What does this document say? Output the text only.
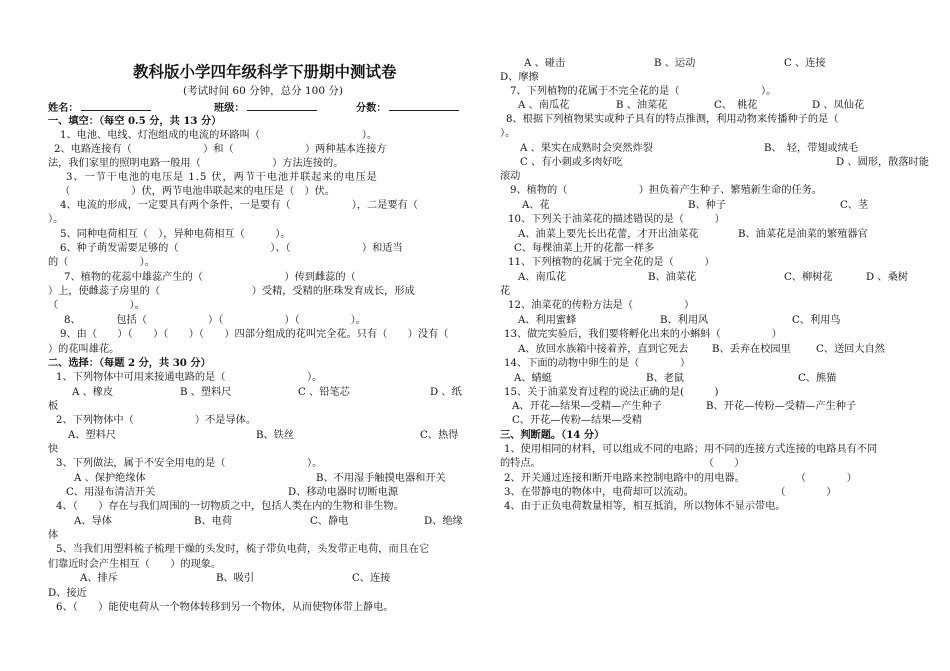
教科版小学四年级科学下册期中测试卷
(考试时间 60 分钟，总分 100 分)
姓名：	班级：	分数：
一、填空：（每空 0.5 分，共 13 分）
1、电池、电线、灯泡组成的电流的环路叫（　　　　　　　　　　）。
2、电路连接有（　　　　　　　）和（　　　　　　　）两种基本连接方
法，我们家里的照明电路一般用（　　　　　　　）方法连接的。
3、一节干电池的电压是 1.5 伏，两节干电池并联起来的电压是
（　　　　　　）伏，两节电池串联起来的电压是（　）伏。
4、电流的形成，一定要具有两个条件，一是要有（　　　　　　），二是要有（
）。
5、同种电荷相互（　），异种电荷相互（　　　）。
6、种子萌发需要足够的（　　　　　　　　　）、（　　　　　　　）和适当
的（　　　　　　　）。
7、植物的花蕊中雄蕊产生的（　　　　　　　　）传到雌蕊的（　　　　　
）上，使雌蕊子房里的（　　　　　　　　　）受精，受精的胚珠发育成长，形成
（　　　　　　　）。
8、　　　　包括（　　　　　　）（　　　　　　）（　　　　　）。
9、由（　　）（　　）（　　）（　　）四部分组成的花叫完全花。只有（　　）没有（
）的花叫雄花。
二、选择：（每题 2 分，共 30 分）
1、下列物体中可用来接通电路的是（　　　　　　　　）。
A 、橡皮	B 、塑料尺	C 、铅笔芯	D 、纸
板
2、下列物体中（　　　　　　）不是导体。
A、塑料尺	B、铁丝	C、热得
快
3、下列做法，属于不安全用电的是（　　　　　　　　）。
A 、保护绝缘体	B、不用湿手触摸电器和开关
C、用湿布清洁开关	D、移动电器时切断电源
4、（　　）存在与我们周围的一切物质之中，包括人类在内的生物和非生物。
A、导体	B、电荷	C、静电	D、绝缘
体
5、当我们用塑料梳子梳理干燥的头发时，梳子带负电荷，头发带正电荷，而且在它
们靠近时会产生相互（　　）的现象。
A、排斥	B、吸引	C、连接
D、接近
6、（　　）能使电荷从一个物体转移到另一个物体，从而使物体带上静电。
A 、碰击	B 、运动	C 、连接
D、摩擦
7、下列植物的花属于不完全花的是（　　　　　　　　）。
A 、南瓜花	B 、油菜花	C、　桃花	D 、凤仙花
8、根据下列植物果实或种子具有的特点推测，利用动物来传播种子的是（
）。
A 、果实在成熟时会突然炸裂	B、　轻，带翅或绒毛
C 、有小刺或多肉好吃	D 、圆形，散落时能
滚动
9、植物的（　　　　　　　）担负着产生种子、繁殖新生命的任务。
A、花	B、种子	C、茎
10、下列关于油菜花的描述错误的是（　　　）
A、油菜上要先长出花蕾，才开出油菜花	B、油菜花是油菜的繁殖器官
C、每棵油菜上开的花都一样多
11、下列植物的花属于完全花的是（　　　）
A、南瓜花	B、油菜花	C、柳树花	D 、桑树
花
12、油菜花的传粉方法是（　　　　　）
A、利用蜜蜂	B、利用风	C、利用鸟
13、做完实验后，我们要将孵化出来的小蝌蚪（　　　　　）
A、放回水族箱中接着养，直到它死去 B、丢弃在校园里 C、送回大自然
14、下面的动物中卵生的是（　　　　）
A、蜻蜓	B、老鼠	C、熊猫
15、关于油菜发育过程的说法正确的是(　　　)
A、开花—结果—受精—产生种子	B、开花—传粉—受精—产生种子
C、开花—传粉—结果—受精
三、判断题。（14 分）
1、使用相同的材料，可以组成不同的电路；用不同的连接方式连接的电路具有不同
的特点。　　　　　　　　　　　　　　　　　（　　）
2、开关通过连接和断开电路来控制电路中的用电器。　　　　　　（　　　　）
3、在带静电的物体中，电荷却可以流动。　　　　　　　　　（　　　　）
4、由于正负电荷数量相等，相互抵消，所以物体不显示带电。
